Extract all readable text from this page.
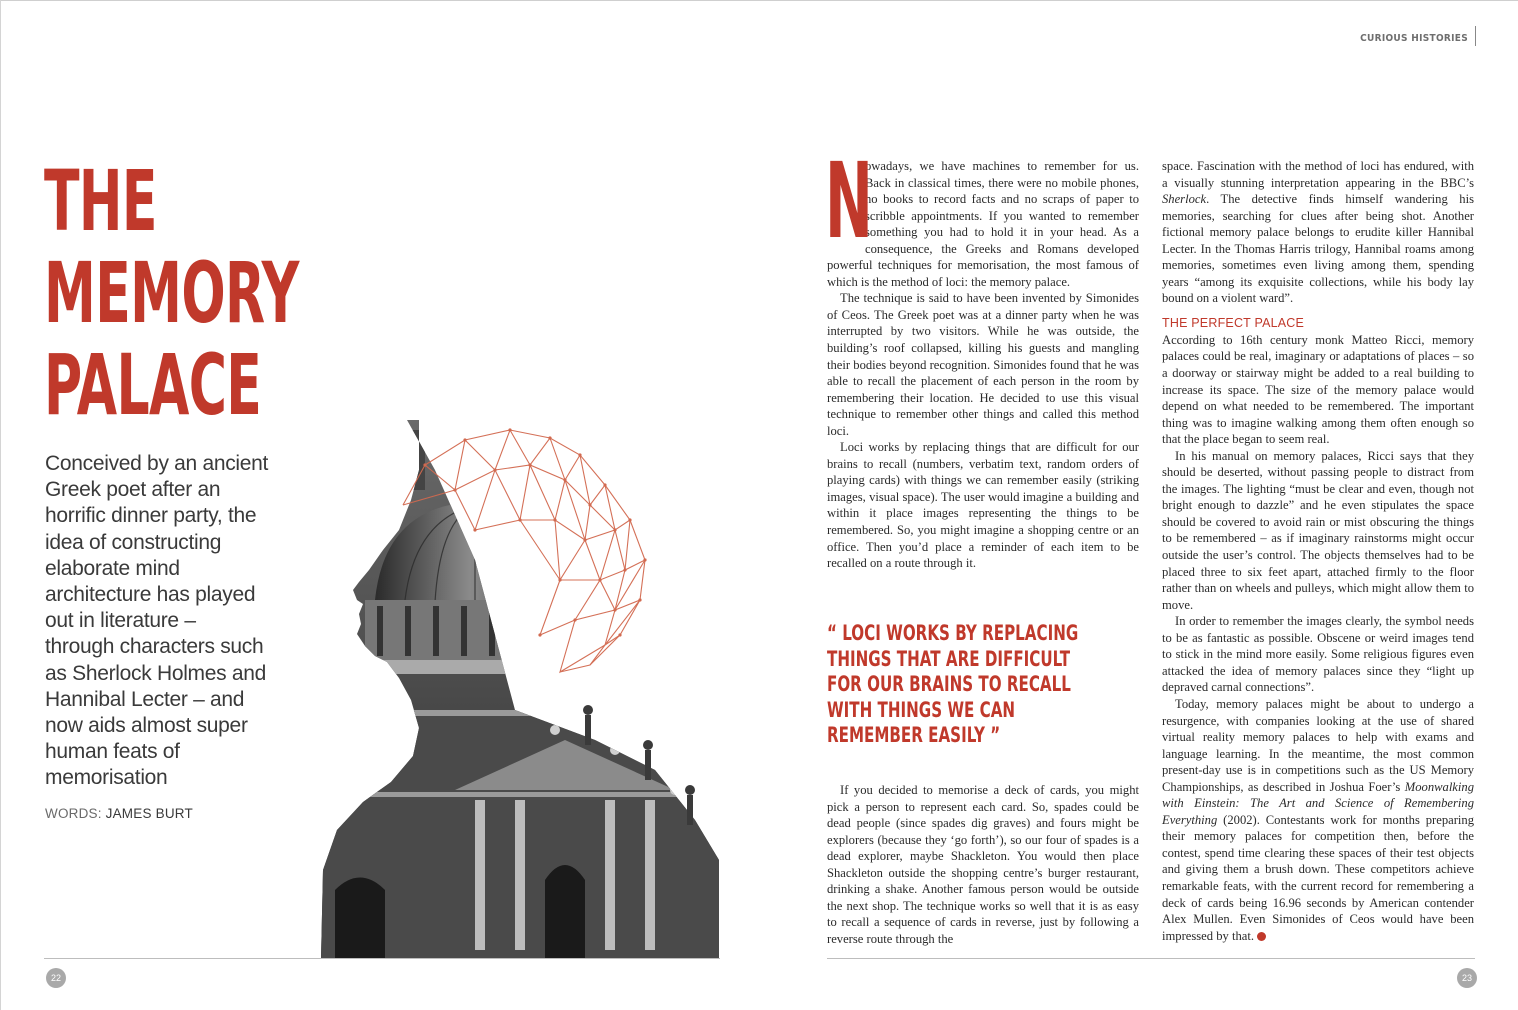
CURIOUS HISTORIES
THE
MEMORY
PALACE

Conceived by an ancient Greek poet after an horrific dinner party, the idea of constructing elaborate mind architecture has played out in literature – through characters such as Sherlock Holmes and Hannibal Lecter – and now aids almost super human feats of memorisation

WORDS: JAMES BURT

N
owadays, we have machines to remember for us. Back in classical times, there were no mobile phones, no books to record facts and no scraps of paper to scribble appointments. If you wanted to remember something you had to hold it in your head. As a consequence, the Greeks and Romans developed powerful techniques for memorisation, the most famous of which is the method of loci: the memory palace.

The technique is said to have been invented by Simonides of Ceos. The Greek poet was at a dinner party when he was interrupted by two visitors. While he was outside, the building’s roof collapsed, killing his guests and mangling their bodies beyond recognition. Simonides found that he was able to recall the placement of each person in the room by remembering their location. He decided to use this visual technique to remember other things and called this method loci.

Loci works by replacing things that are difficult for our brains to recall (numbers, verbatim text, random orders of playing cards) with things we can remember easily (striking images, visual space). The user would imagine a building and within it place images representing the things to be remembered. So, you might imagine a shopping centre or an office. Then you’d place a reminder of each item to be recalled on a route through it.

“ LOCI WORKS BY REPLACING
THINGS THAT ARE DIFFICULT
FOR OUR BRAINS TO RECALL
WITH THINGS WE CAN
REMEMBER EASILY ”

If you decided to memorise a deck of cards, you might pick a person to represent each card. So, spades could be dead people (since spades dig graves) and fours might be explorers (because they ‘go forth’), so our four of spades is a dead explorer, maybe Shackleton. You would then place Shackleton outside the shopping centre’s burger restaurant, drinking a shake. Another famous person would be outside the next shop. The technique works so well that it is as easy to recall a sequence of cards in reverse, just by following a reverse route through the

space. Fascination with the method of loci has endured, with a visually stunning interpretation appearing in the BBC’s Sherlock. The detective finds himself wandering his memories, searching for clues after being shot. Another fictional memory palace belongs to erudite killer Hannibal Lecter. In the Thomas Harris trilogy, Hannibal roams among memories, sometimes even living among them, spending years “among its exquisite collections, while his body lay bound on a violent ward”.

THE PERFECT PALACE

According to 16th century monk Matteo Ricci, memory palaces could be real, imaginary or adaptations of places – so a doorway or stairway might be added to a real building to increase its space. The size of the memory palace would depend on what needed to be remembered. The important thing was to imagine walking among them often enough so that the place began to seem real.

In his manual on memory palaces, Ricci says that they should be deserted, without passing people to distract from the images. The lighting “must be clear and even, though not bright enough to dazzle” and he even stipulates the space should be covered to avoid rain or mist obscuring the things to be remembered – as if imaginary rainstorms might occur outside the user’s control. The objects themselves had to be placed three to six feet apart, attached firmly to the floor rather than on wheels and pulleys, which might allow them to move.

In order to remember the images clearly, the symbol needs to be as fantastic as possible. Obscene or weird images tend to stick in the mind more easily. Some religious figures even attacked the idea of memory palaces since they “light up depraved carnal connections”.

Today, memory palaces might be about to undergo a resurgence, with companies looking at the use of shared virtual reality memory palaces to help with exams and language learning. In the meantime, the most common present-day use is in competitions such as the US Memory Championships, as described in Joshua Foer’s Moonwalking with Einstein: The Art and Science of Remembering Everything (2002). Contestants work for months preparing their memory palaces for competition then, before the contest, spend time clearing these spaces of their test objects and giving them a brush down. These competitors achieve remarkable feats, with the current record for remembering a deck of cards being 16.96 seconds by American contender Alex Mullen. Even Simonides of Ceos would have been impressed by that.

22	23
